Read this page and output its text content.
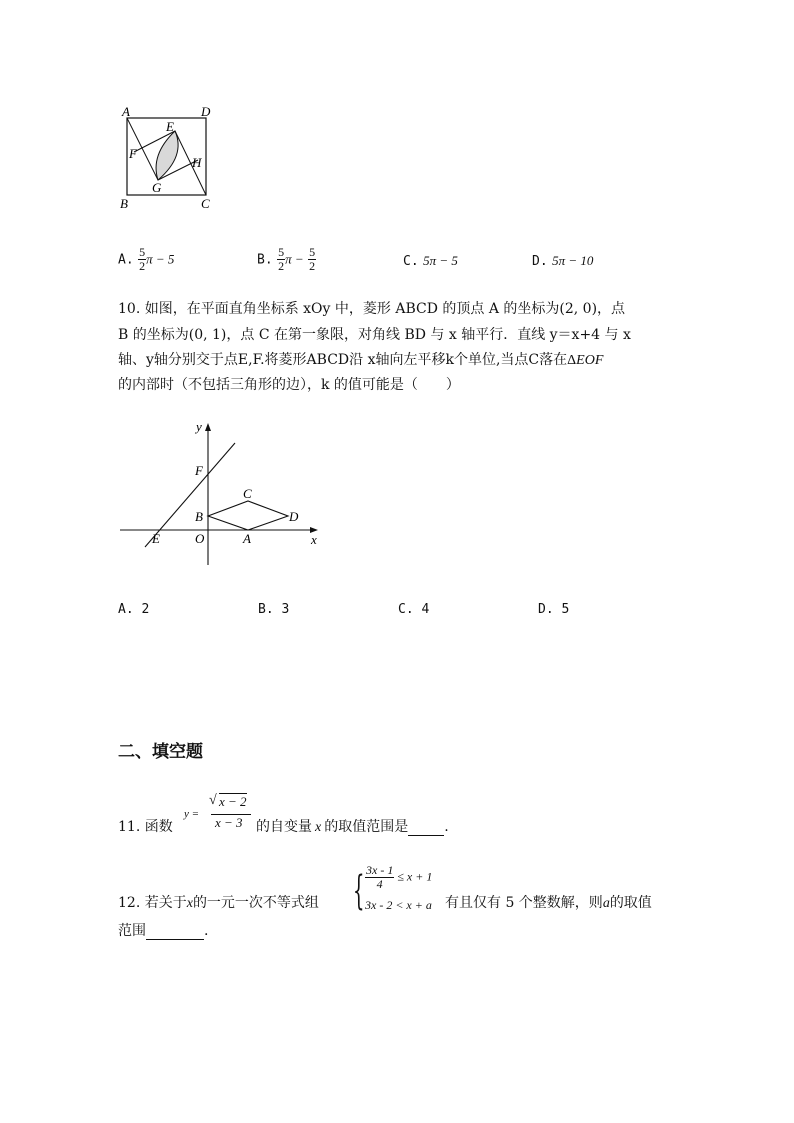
A	D
E
F
H
G
B	C
A. $\frac{5}{2}$ π − 5	B. $\frac{5}{2}$ $\pi - \frac{5}{2}$	C. 5π − 5	D. 5π − 10
10. 如图，在平面直角坐标系 xOy 中，菱形 ABCD 的顶点 A 的坐标为(2, 0)，点
B 的坐标为(0, 1)，点 C 在第一象限，对角线 BD 与 x 轴平行．直线 y＝x+4 与 x
轴、y轴分别交于点E,F.将菱形ABCD沿 x轴向左平移k个单位,当点C落在ΔEOF
的内部时（不包括三角形的边），k 的值可能是（　　）
y
x
F
C
B	D
E	O	A
A. 2	B. 3	C. 4	D. 5
二、填空题
11. 函数
y =
√ x − 2
x − 3 的自变量 x 的取值范围是	.
12. 若关于x的一元一次不等式组 { $\frac{3x - 1}{4} \le x + 1$
3x - 2 < x + a 有且仅有 5 个整数解，则a的取值
范围	.
